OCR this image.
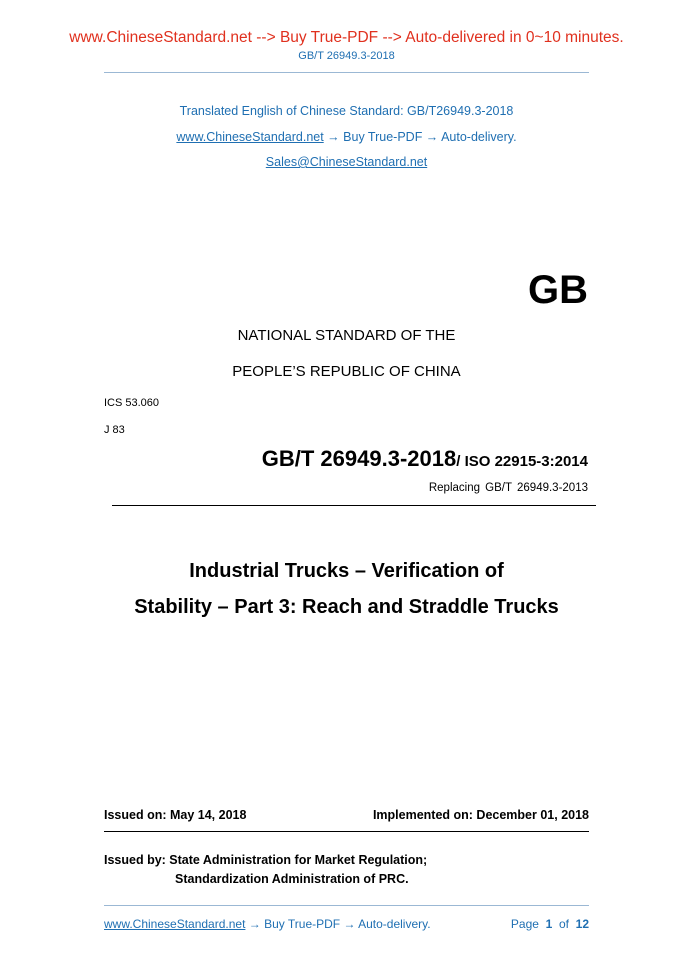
www.ChineseStandard.net --> Buy True-PDF --> Auto-delivered in 0~10 minutes.
GB/T 26949.3-2018
Translated English of Chinese Standard: GB/T26949.3-2018
www.ChineseStandard.net → Buy True-PDF → Auto-delivery.
Sales@ChineseStandard.net
GB
NATIONAL STANDARD OF THE
PEOPLE’S REPUBLIC OF CHINA
ICS 53.060
J 83
GB/T 26949.3-2018/ ISO 22915-3:2014
Replacing GB/T 26949.3-2013
Industrial Trucks – Verification of
Stability – Part 3: Reach and Straddle Trucks
Issued on: May 14, 2018	Implemented on: December 01, 2018
Issued by: State Administration for Market Regulation;
Standardization Administration of PRC.
www.ChineseStandard.net → Buy True-PDF → Auto-delivery.	Page 1 of 12
